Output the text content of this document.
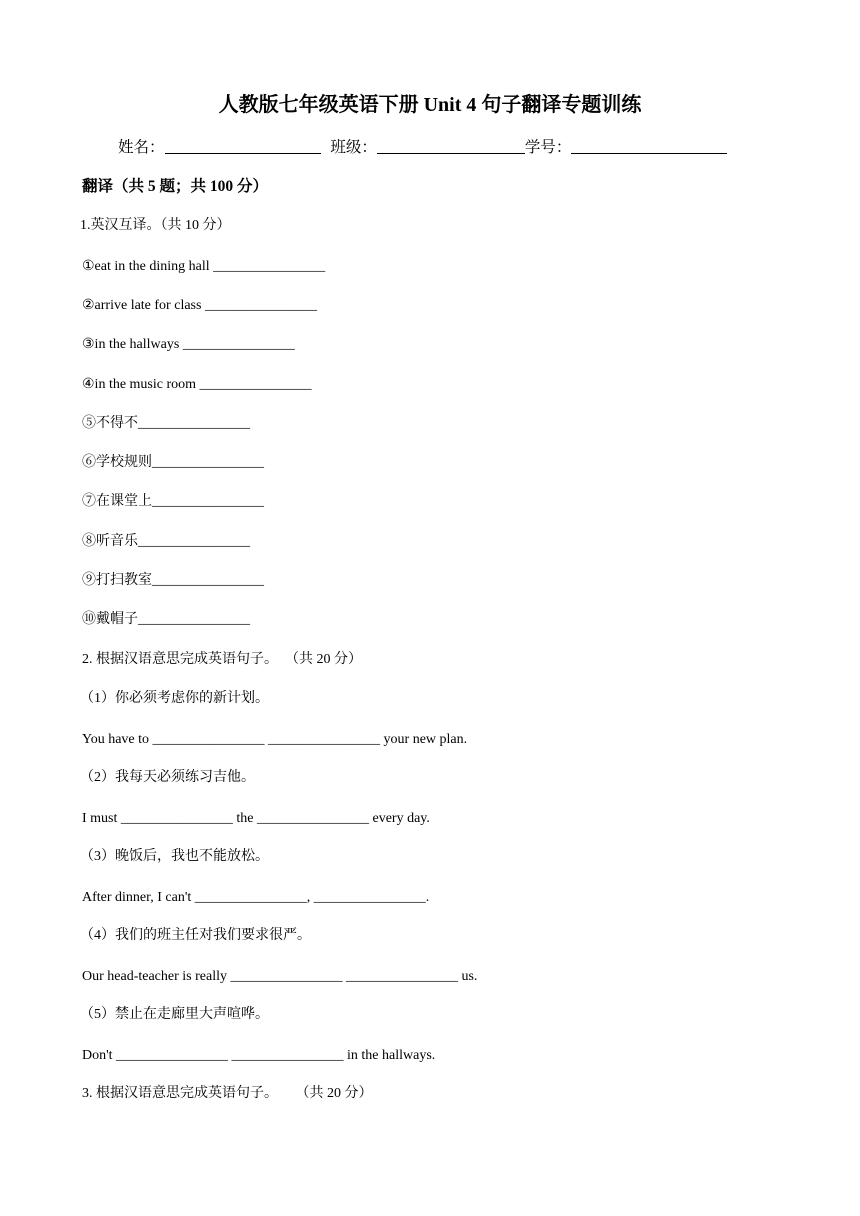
人教版七年级英语下册 Unit 4 句子翻译专题训练
姓名：	班级：	学号：
翻译（共 5 题；共 100 分）
1.英汉互译。（共 10 分）
①eat in the dining hall ________________
②arrive late for class ________________
③in the hallways ________________
④in the music room ________________
⑤不得不________________
⑥学校规则________________
⑦在课堂上________________
⑧听音乐________________
⑨打扫教室________________
⑩戴帽子________________
2. 根据汉语意思完成英语句子。  （共 20 分）
（1）你必须考虑你的新计划。
You have to ________________ ________________ your new plan.
（2）我每天必须练习吉他。
I must ________________ the ________________ every day.
（3）晚饭后，我也不能放松。
After dinner, I can't ________________, ________________.
（4）我们的班主任对我们要求很严。
Our head-teacher is really ________________ ________________ us.
（5）禁止在走廊里大声喧哗。
Don't ________________ ________________ in the hallways.
3. 根据汉语意思完成英语句子。     （共 20 分）
